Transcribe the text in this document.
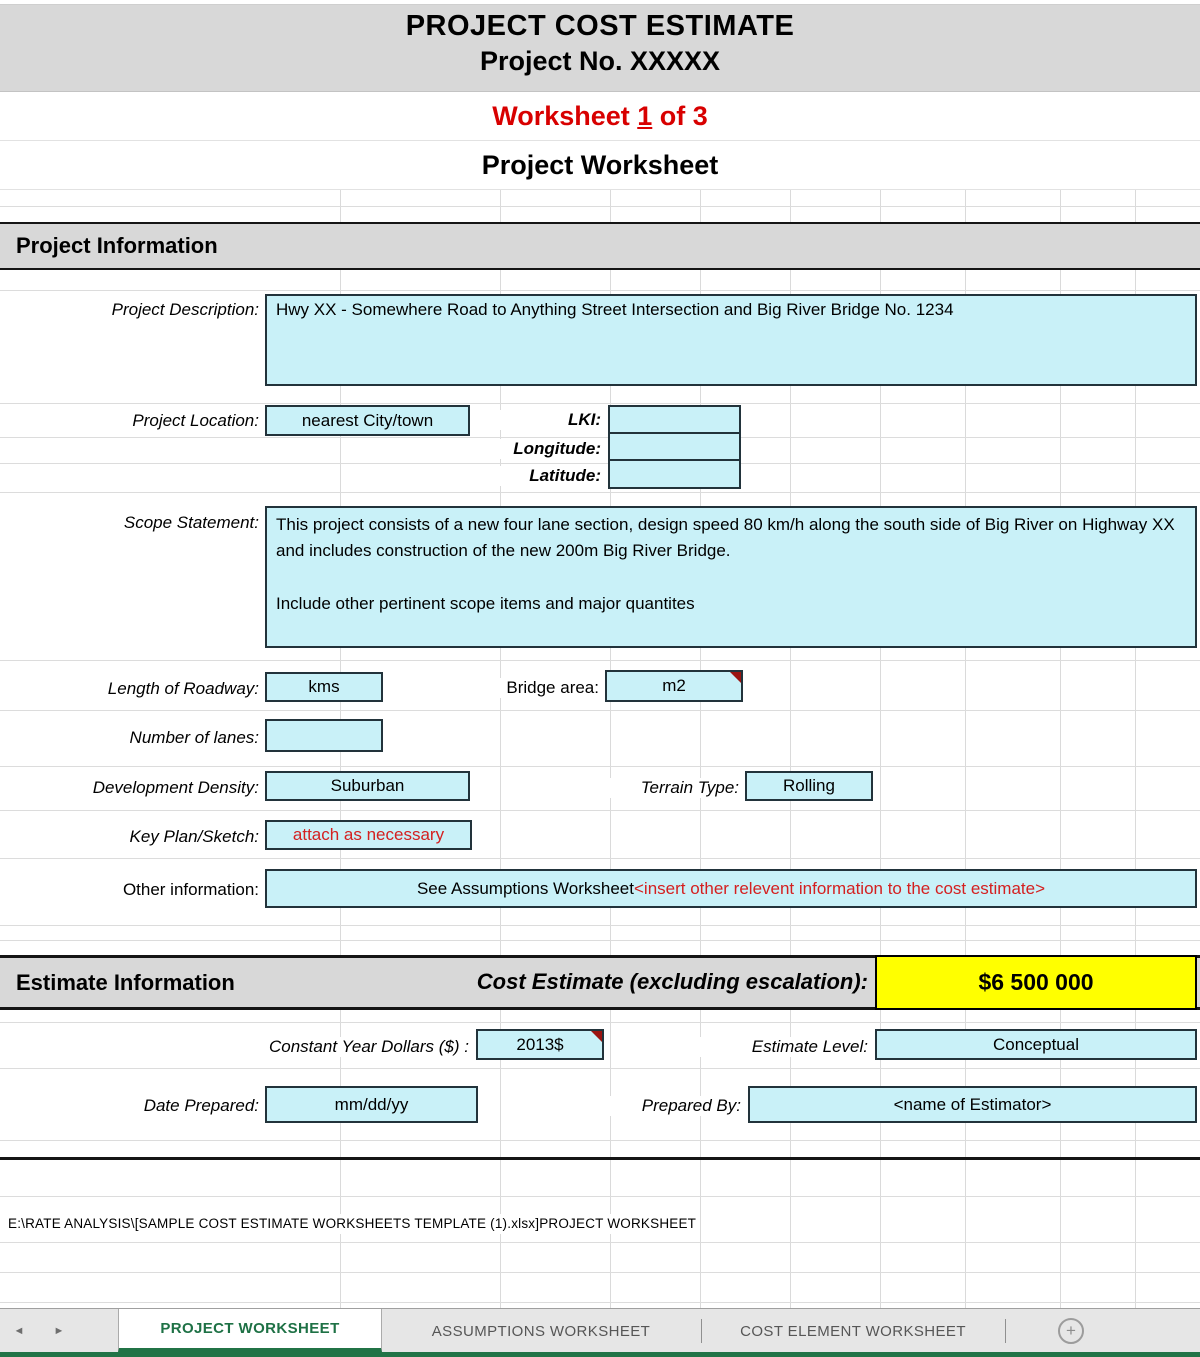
PROJECT COST ESTIMATE
Project No. XXXXX
Worksheet 1 of 3
Project Worksheet
Project Information
Project Description:	Hwy XX - Somewhere Road to Anything Street Intersection and Big River Bridge No. 1234
Project Location:	nearest City/town	LKI:
Longitude:
Latitude:
Scope Statement: This project consists of a new four lane section, design speed 80 km/h along the south side of Big River on Highway XX and includes construction of the new 200m Big River Bridge.
Include other pertinent scope items and major quantites
Length of Roadway:	kms	Bridge area:	m2
Number of lanes:
Development Density:	Suburban	Terrain Type:	Rolling
Key Plan/Sketch:	attach as necessary
Other information:	See Assumptions Worksheet <insert other relevent information to the cost estimate>
Estimate Information	Cost Estimate (excluding escalation):	$6 500 000
Constant Year Dollars ($) :	2013$	Estimate Level:	Conceptual
Date Prepared:	mm/dd/yy	Prepared By:	<name of Estimator>
E:\RATE ANALYSIS\[SAMPLE COST ESTIMATE WORKSHEETS TEMPLATE (1).xlsx]PROJECT WORKSHEET
◄	►	PROJECT WORKSHEET	ASSUMPTIONS WORKSHEET	COST ELEMENT WORKSHEET	+
